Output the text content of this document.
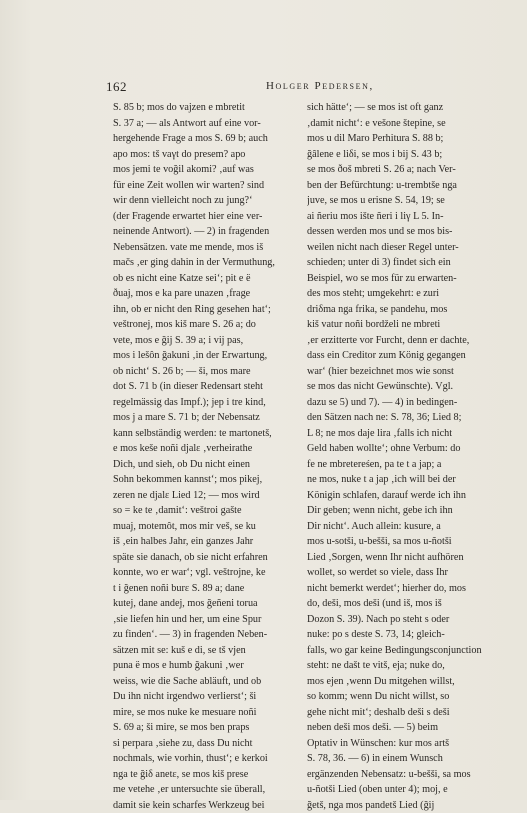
162	Holger Pedersen,
S. 85 b; mos do vajzen e mbretit
S. 37 a; — als Antwort auf eine vor-
hergehende Frage a mos S. 69 b; auch
apo mos: tš vaγt do presem? apo
mos jemi te voğil akomi? ‚auf was
für eine Zeit wollen wir warten? sind
wir denn vielleicht noch zu jung?‘
(der Fragende erwartet hier eine ver-
neinende Antwort). — 2) in fragenden
Nebensätzen. vate me mende, mos iš
mačs ‚er ging dahin in der Vermuthung,
ob es nicht eine Katze sei‘; pit e ë
ðuaj, mos e ka pare unazen ‚frage
ihn, ob er nicht den Ring gesehen hat‘;
veštronej, mos kiš mare S. 26 a; do
vete, mos e ğij S. 39 a; i vij pas,
mos i lešôn ğakuni ‚in der Erwartung,
ob nicht‘ S. 26 b; — ši, mos mare
dot S. 71 b (in dieser Redensart steht
regelmässig das Impf.); jep i tre kind,
mos j a mare S. 71 b; der Nebensatz
kann selbständig werden: te martonetš,
e mos keše noñi djalε ‚verheirathe
Dich, und sieh, ob Du nicht einen
Sohn bekommen kannst‘; mos pikej,
zeren ne djalε Lied 12; — mos wird
so = ke te ‚damit‘: veštroi gašte
muaj, motemôt, mos mir veš, se ku
iš ‚ein halbes Jahr, ein ganzes Jahr
späte sie danach, ob sie nicht erfahren
konnte, wo er war‘; vgl. veštrojne, ke
t i ğenen noñi burε S. 89 a; dane
kutej, dane andej, mos ğeñeni torua
‚sie liefen hin und her, um eine Spur
zu finden‘. — 3) in fragenden Neben-
sätzen mit se: kuš e di, se tš vjen
puna ë mos e humb ğakuni ‚wer
weiss, wie die Sache abläuft, und ob
Du ihn nicht irgendwo verlierst‘; ši
mire, se mos nuke ke mesuare noñi
S. 69 a; ši mire, se mos ben praps
si perpara ‚siehe zu, dass Du nicht
nochmals, wie vorhin, thust‘; e kerkoi
nga te ğiδ anetε, se mos kiš prese
me vetehe ‚er untersuchte sie überall,
damit sie kein scharfes Werkzeug bei
sich hätte‘; — se mos ist oft ganz
‚damit nicht‘: e vešone štepine, se
mos u dil Maro Perhitura S. 88 b;
ğâlene e liδi, se mos i bij S. 43 b;
se mos ðoš mbreti S. 26 a; nach Ver-
ben der Befürchtung: u-trembtše nga
juve, se mos u erisne S. 54, 19; se
ai ñeriu mos ište ñeri i liγ L 5. In-
dessen werden mos und se mos bis-
weilen nicht nach dieser Regel unter-
schieden; unter di 3) findet sich ein
Beispiel, wo se mos für zu erwarten-
des mos steht; umgekehrt: e zuri
driδma nga frika, se pandehu, mos
kiš vatur noñi bordželi ne mbreti
‚er erzitterte vor Furcht, denn er dachte,
dass ein Creditor zum König gegangen
war‘ (hier bezeichnet mos wie sonst
se mos das nicht Gewünschte). Vgl.
dazu se 5) und 7). — 4) in bedingen-
den Sätzen nach ne: S. 78, 36; Lied 8;
L 8; ne mos daje lira ‚falls ich nicht
Geld haben wollte‘; ohne Verbum: do
fe ne mbretereśen, pa te t a jap; a
ne mos, nuke t a jap ‚ich will bei der
Königin schlafen, darauf werde ich ihn
Dir geben; wenn nicht, gebe ich ihn
Dir nicht‘. Auch allein: kusure, a
mos u-sotši, u-bešši, sa mos u-ñotši
Lied ‚Sorgen, wenn Ihr nicht aufhören
wollet, so werdet so viele, dass Ihr
nicht bemerkt werdet‘; hierher do, mos
do, deši, mos deši (und iš, mos iš
Dozon S. 39). Nach po steht s oder
nuke: po s deste S. 73, 14; gleich-
falls, wo gar keine Bedingungsconjunction
steht: ne dašt te vitš, eja; nuke do,
mos ejen ‚wenn Du mitgehen willst,
so komm; wenn Du nicht willst, so
gehe nicht mit‘; deshalb deši s deši
neben deši mos deši. — 5) beim
Optativ in Wünschen: kur mos artš
S. 78, 36. — 6) in einem Wunsch
ergänzenden Nebensatz: u-bešši, sa mos
u-ñotši Lied (oben unter 4); moj, e
ğetš, nga mos pandetš Lied (ğij
